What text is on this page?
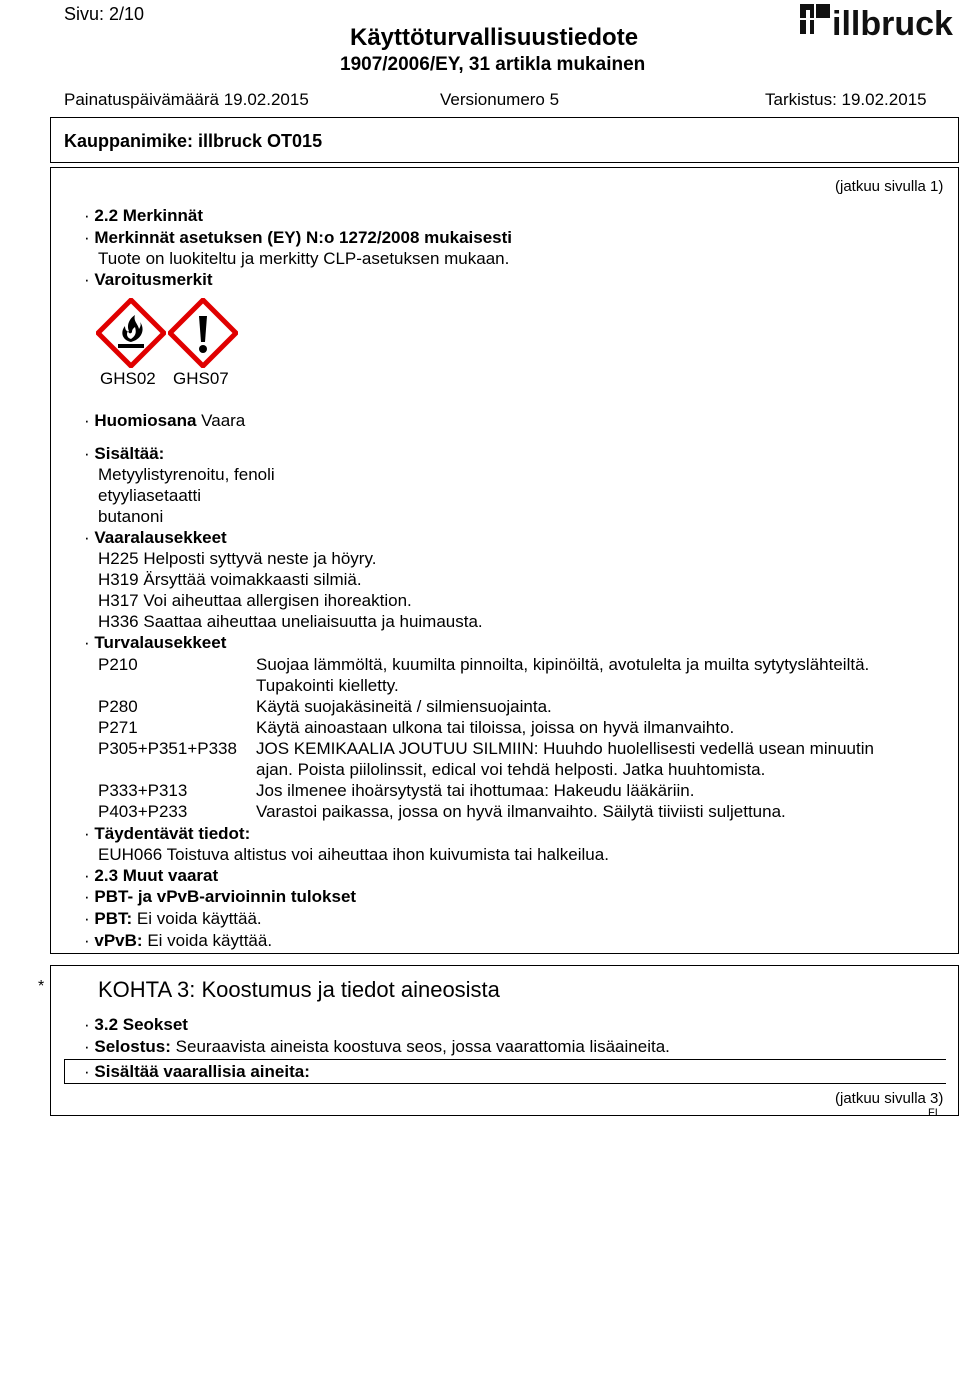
Sivu: 2/10
Käyttöturvallisuustiedote
1907/2006/EY, 31 artikla mukainen
illbruck
Painatuspäivämäärä 19.02.2015	Versionumero 5	Tarkistus: 19.02.2015
Kauppanimike: illbruck OT015
(jatkuu sivulla 1)
· 2.2 Merkinnät
· Merkinnät asetuksen (EY) N:o 1272/2008 mukaisesti
Tuote on luokiteltu ja merkitty CLP-asetuksen mukaan.
· Varoitusmerkit
GHS02 GHS07
· Huomiosana Vaara
· Sisältää:
Metyylistyrenoitu, fenoli
etyyliasetaatti
butanoni
· Vaaralausekkeet
H225 Helposti syttyvä neste ja höyry.
H319 Ärsyttää voimakkaasti silmiä.
H317 Voi aiheuttaa allergisen ihoreaktion.
H336 Saattaa aiheuttaa uneliaisuutta ja huimausta.
· Turvalausekkeet
P210	Suojaa lämmöltä, kuumilta pinnoilta, kipinöiltä, avotulelta ja muilta sytytyslähteiltä.
Tupakointi kielletty.
P280	Käytä suojakäsineitä / silmiensuojainta.
P271	Käytä ainoastaan ulkona tai tiloissa, joissa on hyvä ilmanvaihto.
P305+P351+P338 JOS KEMIKAALIA JOUTUU SILMIIN: Huuhdo huolellisesti vedellä usean minuutin
ajan. Poista piilolinssit, edical voi tehdä helposti. Jatka huuhtomista.
P333+P313	Jos ilmenee ihoärsytystä tai ihottumaa: Hakeudu lääkäriin.
P403+P233	Varastoi paikassa, jossa on hyvä ilmanvaihto. Säilytä tiiviisti suljettuna.
· Täydentävät tiedot:
EUH066 Toistuva altistus voi aiheuttaa ihon kuivumista tai halkeilua.
· 2.3 Muut vaarat
· PBT- ja vPvB-arvioinnin tulokset
· PBT: Ei voida käyttää.
· vPvB: Ei voida käyttää.
* KOHTA 3: Koostumus ja tiedot aineosista
· 3.2 Seokset
· Selostus: Seuraavista aineista koostuva seos, jossa vaarattomia lisäaineita.
· Sisältää vaarallisia aineita:
(jatkuu sivulla 3)
FI
